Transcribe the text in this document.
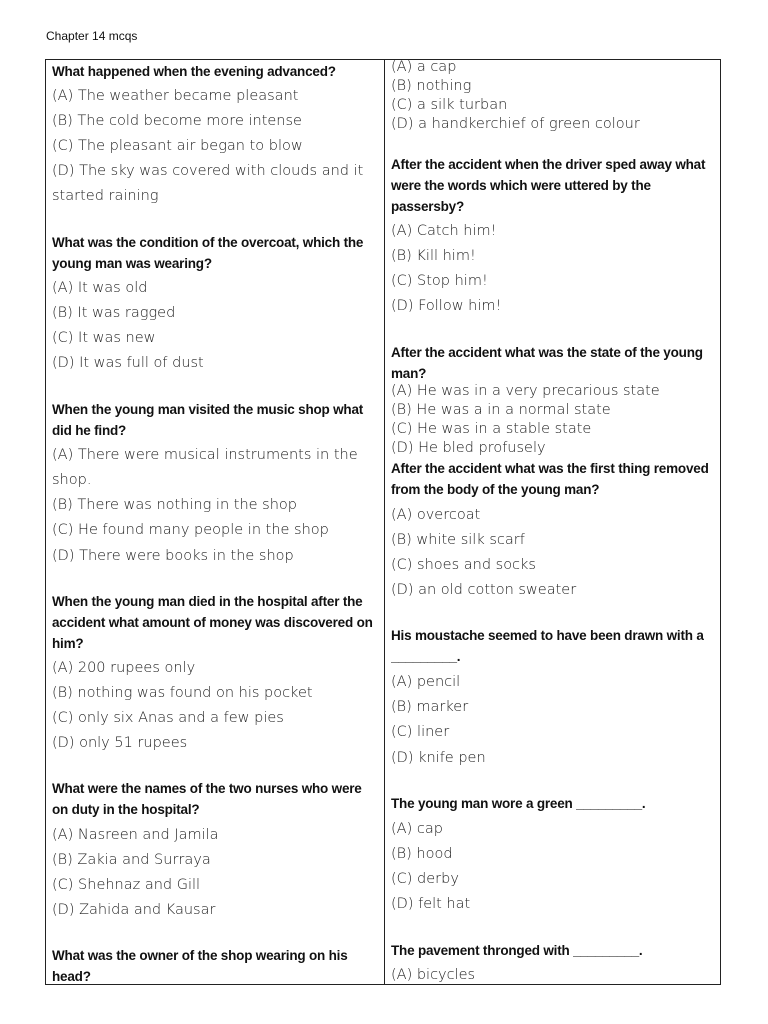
Chapter 14 mcqs
What happened when the evening advanced?
(A) The weather became pleasant
(B) The cold become more intense
(C) The pleasant air began to blow
(D) The sky was covered with clouds and it started raining
What was the condition of the overcoat, which the young man was wearing?
(A) It was old
(B) It was ragged
(C) It was new
(D) It was full of dust
When the young man visited the music shop what did he find?
(A) There were musical instruments in the shop.
(B) There was nothing in the shop
(C) He found many people in the shop
(D) There were books in the shop
When the young man died in the hospital after the accident what amount of money was discovered on him?
(A) 200 rupees only
(B) nothing was found on his pocket
(C) only six Anas and a few pies
(D) only 51 rupees
What were the names of the two nurses who were on duty in the hospital?
(A) Nasreen and Jamila
(B) Zakia and Surraya
(C) Shehnaz and Gill
(D) Zahida and Kausar
What was the owner of the shop wearing on his head?
(A) a cap
(B) nothing
(C) a silk turban
(D) a handkerchief of green colour
After the accident when the driver sped away what were the words which were uttered by the passersby?
(A) Catch him!
(B) Kill him!
(C) Stop him!
(D) Follow him!
After the accident what was the state of the young man?
(A) He was in a very precarious state
(B) He was a in a normal state
(C) He was in a stable state
(D) He bled profusely
After the accident what was the first thing removed from the body of the young man?
(A) overcoat
(B) white silk scarf
(C) shoes and socks
(D) an old cotton sweater
His moustache seemed to have been drawn with a _________.
(A) pencil
(B) marker
(C) liner
(D) knife pen
The young man wore a green _________.
(A) cap
(B) hood
(C) derby
(D) felt hat
The pavement thronged with _________.
(A) bicycles
